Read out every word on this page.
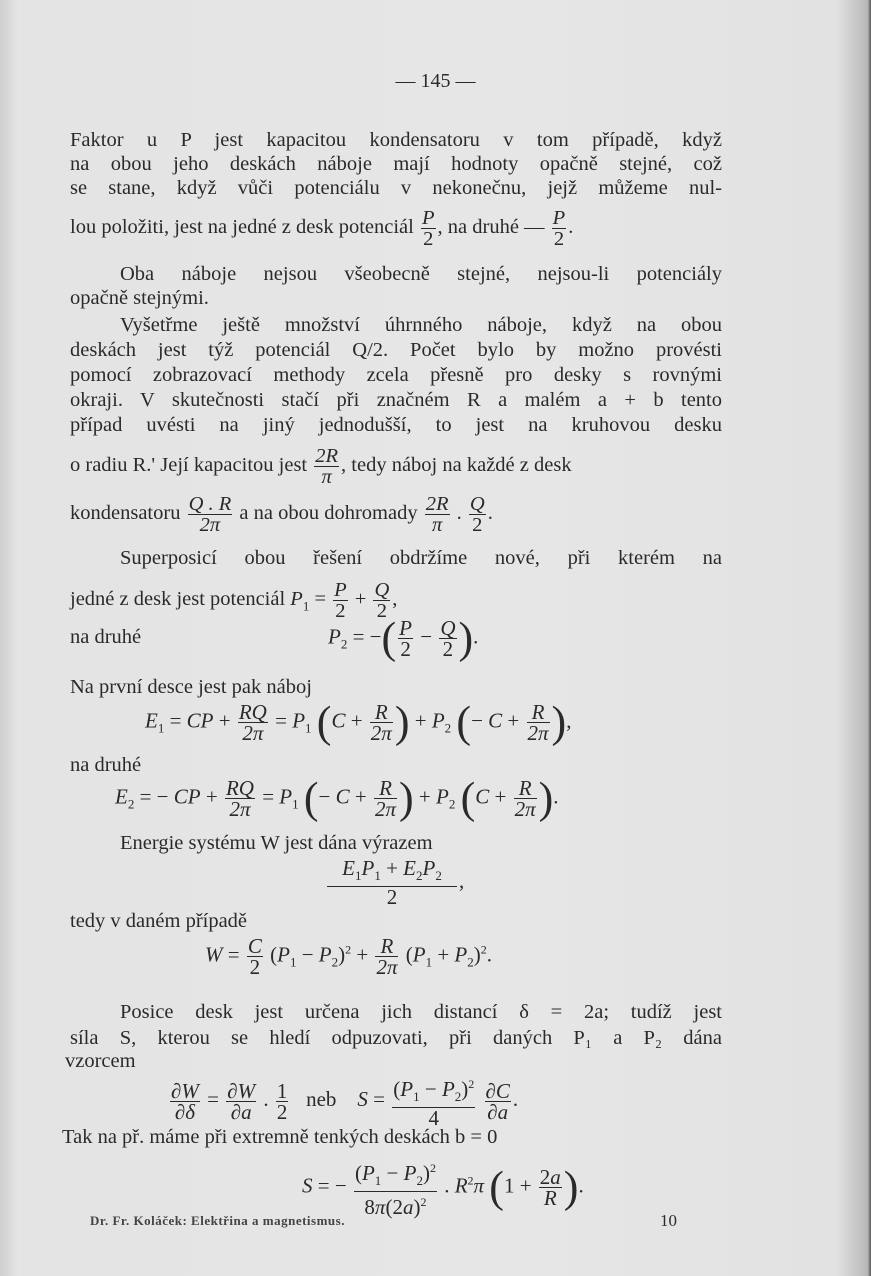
— 145 —
Faktor u P jest kapacitou kondensatoru v tom případě, když
na obou jeho deskách náboje mají hodnoty opačně stejné, což
se stane, když vůči potenciálu v nekonečnu, jejž můžeme nul-
lou položiti, jest na jedné z desk potenciál $\frac{P}{2}$ , na druhé — $\frac{P}{2}$ .
Oba náboje nejsou všeobecně stejné, nejsou-li potenciály
opačně stejnými.
Vyšetřme ještě množství úhrnného náboje, když na obou
deskách jest týž potenciál Q/2. Počet bylo by možno provésti
pomocí zobrazovací methody zcela přesně pro desky s rovnými
okraji. V skutečnosti stačí při značném R a malém a + b tento
případ uvésti na jiný jednodušší, to jest na kruhovou desku
o radiu R.' Její kapacitou jest $\frac{2R}{\pi}$ , tedy náboj na každé z desk
kondensatoru $\frac{Q . R}{2\pi}$ a na obou dohromady $\frac{2R}{\pi}$ . $\frac{Q}{2}$ .
Superposicí obou řešení obdržíme nové, při kterém na
jedné z desk jest potenciál $P_1 = \frac{P}{2} + \frac{Q}{2}$ ,
na druhé	$P_2$ = −( $\frac{P}{2} - \frac{Q}{2}$ ).
Na první desce jest pak náboj
$E_1$ = CP + $\frac{RQ}{2\pi} = P_1$ ($C + \frac{R}{2\pi}$ ) + $P_2$ (− $C + \frac{R}{2\pi}$ ),
na druhé
$E_2$ = − CP + $\frac{RQ}{2\pi} = P_1$ (− $C + \frac{R}{2\pi}$ ) + $P_2$ ($C + \frac{R}{2\pi}$ ).
Energie systému W jest dána výrazem
$\frac{E_1P_1 + E_2P_2}{2}$ ,
tedy v daném případě
$W = \frac{C}{2} (P_1 - P_2)^2 + \frac{R}{2\pi} (P_1 + P_2)^2$.
Posice desk jest určena jich distancí δ = 2a; tudíž jest
síla S, kterou se hledí odpuzovati, při daných P₁ a P₂ dána
vzorcem
$\frac{\partial W}{\partial\delta} = \frac{\partial W}{\partial a}$ . $\frac{1}{2}$ neb $S = \frac{(P_1 - P_2)^2}{4}$
$\frac{\partial C}{\partial a}$ .
Tak na př. máme při extremně tenkých deskách b = 0
S = − $\frac{(P_1 - P_2)^2}{8\pi(2a)^2}$ . $R^2\pi$ ($1 + \frac{2a}{R}$ ).
Dr. Fr. Koláček: Elektřina a magnetismus.	10
